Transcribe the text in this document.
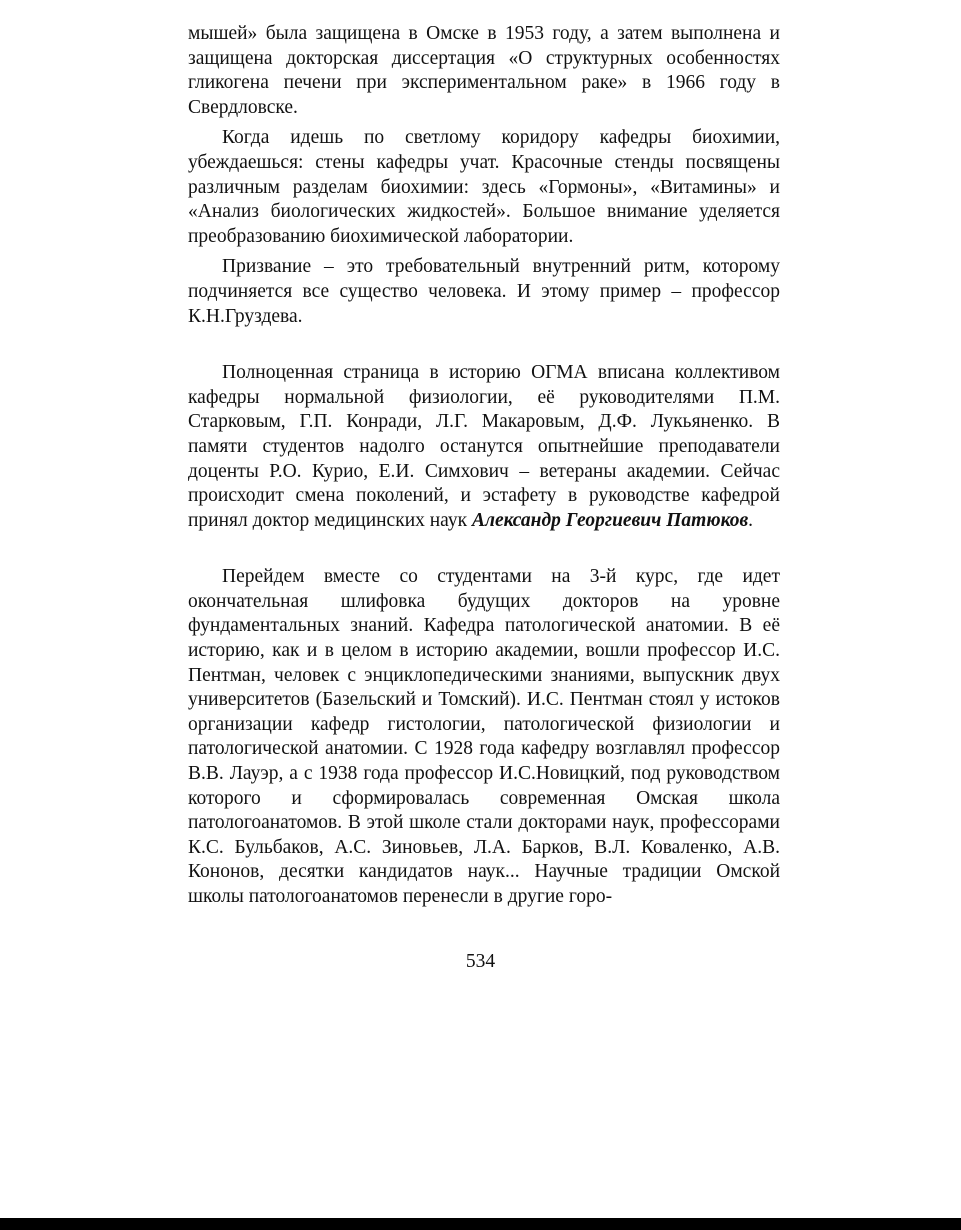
мышей» была защищена в Омске в 1953 году, а затем выполнена и защищена докторская диссертация «О структурных особенностях гликогена печени при экспериментальном раке» в 1966 году в Свердловске.

Когда идешь по светлому коридору кафедры биохимии, убеждаешься: стены кафедры учат. Красочные стенды посвящены различным разделам биохимии: здесь «Гормоны», «Витамины» и «Анализ биологических жидкостей». Большое внимание уделяется преобразованию биохимической лаборатории.

Призвание – это требовательный внутренний ритм, которому подчиняется все существо человека. И этому пример – профессор К.Н.Груздева.

Полноценная страница в историю ОГМА вписана коллективом кафедры нормальной физиологии, её руководителями П.М. Старковым, Г.П. Конради, Л.Г. Макаровым, Д.Ф. Лукьяненко. В памяти студентов надолго останутся опытнейшие преподаватели доценты Р.О. Курио, Е.И. Симхович – ветераны академии. Сейчас происходит смена поколений, и эстафету в руководстве кафедрой принял доктор медицинских наук Александр Георгиевич Патюков.

Перейдем вместе со студентами на 3-й курс, где идет окончательная шлифовка будущих докторов на уровне фундаментальных знаний. Кафедра патологической анатомии. В её историю, как и в целом в историю академии, вошли профессор И.С. Пентман, человек с энциклопедическими знаниями, выпускник двух университетов (Базельский и Томский). И.С. Пентман стоял у истоков организации кафедр гистологии, патологической физиологии и патологической анатомии. С 1928 года кафедру возглавлял профессор В.В. Лауэр, а с 1938 года профессор И.С.Новицкий, под руководством которого и сформировалась современная Омская школа патологоанатомов. В этой школе стали докторами наук, профессорами К.С. Бульбаков, А.С. Зиновьев, Л.А. Барков, В.Л. Коваленко, А.В. Кононов, десятки кандидатов наук... Научные традиции Омской школы патологоанатомов перенесли в другие горо-

534
